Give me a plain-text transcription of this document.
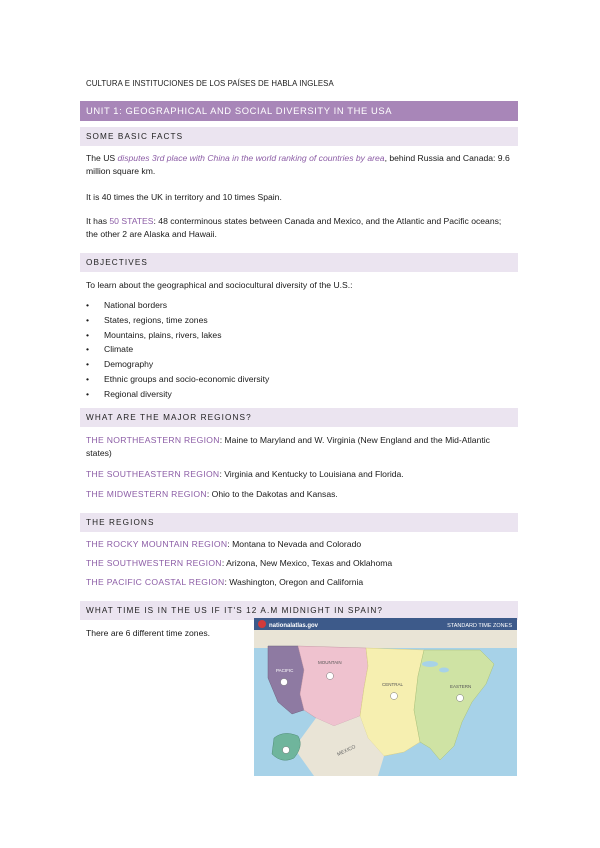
CULTURA E INSTITUCIONES DE LOS PAÍSES DE HABLA INGLESA
UNIT 1: GEOGRAPHICAL AND SOCIAL DIVERSITY IN THE USA
SOME BASIC FACTS
The US disputes 3rd place with China in the world ranking of countries by area, behind Russia and Canada: 9.6 million square km.
It is 40 times the UK in territory and 10 times Spain.
It has 50 STATES: 48 conterminous states between Canada and Mexico, and the Atlantic and Pacific oceans; the other 2 are Alaska and Hawaii.
OBJECTIVES
To learn about the geographical and sociocultural diversity of the U.S.:
• National borders
• States, regions, time zones
• Mountains, plains, rivers, lakes
• Climate
• Demography
• Ethnic groups and socio-economic diversity
• Regional diversity
WHAT ARE THE MAJOR REGIONS?
THE NORTHEASTERN REGION: Maine to Maryland and W. Virginia (New England and the Mid-Atlantic states)
THE SOUTHEASTERN REGION: Virginia and Kentucky to Louisiana and Florida.
THE MIDWESTERN REGION: Ohio to the Dakotas and Kansas.
THE REGIONS
THE ROCKY MOUNTAIN REGION: Montana to Nevada and Colorado
THE SOUTHWESTERN REGION: Arizona, New Mexico, Texas and Oklahoma
THE PACIFIC COASTAL REGION: Washington, Oregon and California
WHAT TIME IS IN THE US IF IT'S 12 A.M MIDNIGHT IN SPAIN?
There are 6 different time zones.
nationalatlas.gov	STANDARD TIME ZONES
MEXICO
PACIFIC
MOUNTAIN
CENTRAL	EASTERN
